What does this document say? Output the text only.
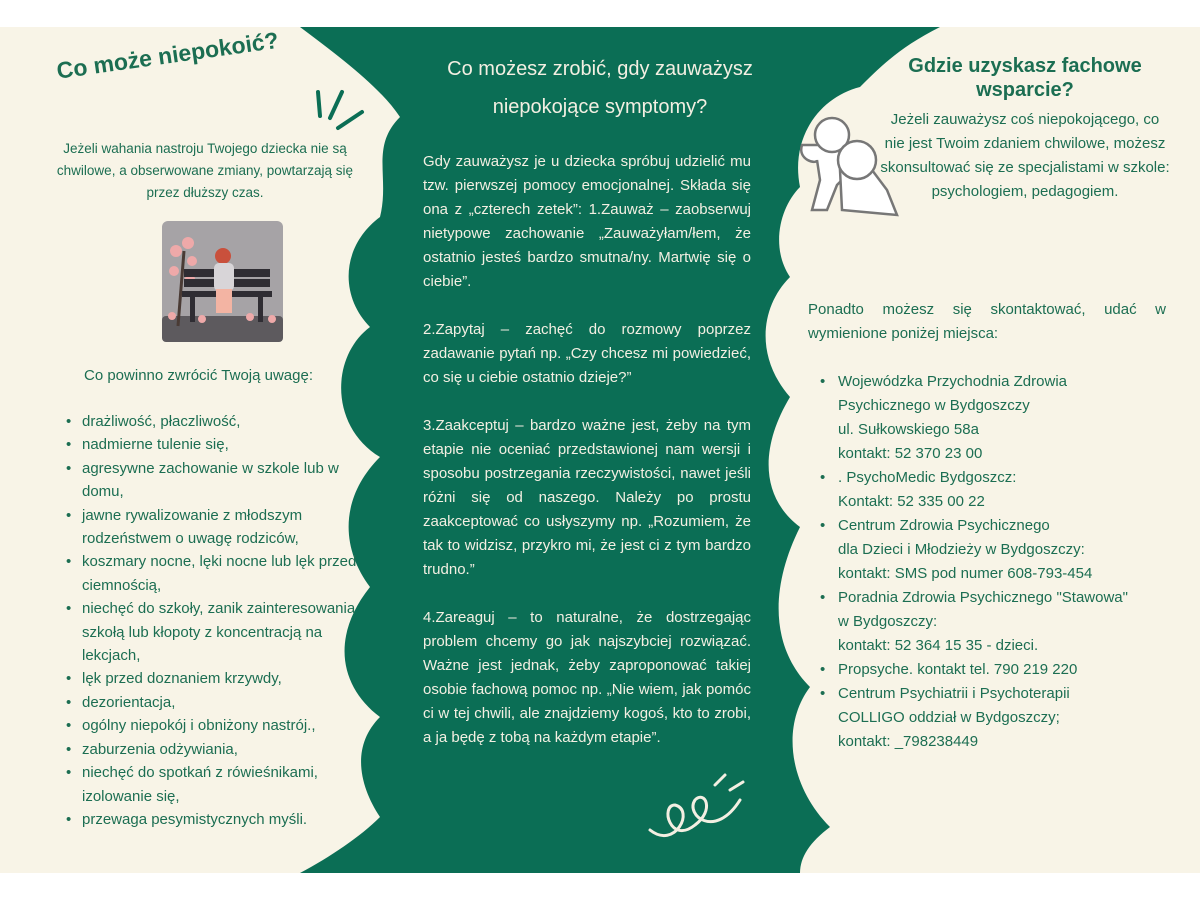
Co może niepokoić?
Jeżeli wahania nastroju Twojego dziecka nie są chwilowe, a obserwowane zmiany, powtarzają się przez dłuższy czas.
Co powinno zwrócić Twoją uwagę:
• drażliwość, płaczliwość,
• nadmierne tulenie się,
• agresywne zachowanie w szkole lub w domu,
• jawne rywalizowanie z młodszym rodzeństwem o uwagę rodziców,
• koszmary nocne, lęki nocne lub lęk przed ciemnością,
• niechęć do szkoły, zanik zainteresowania szkołą lub kłopoty z koncentracją na lekcjach,
• lęk przed doznaniem krzywdy,
• dezorientacja,
• ogólny niepokój i obniżony nastrój.,
• zaburzenia odżywiania,
• niechęć do spotkań z rówieśnikami, izolowanie się,
• przewaga pesymistycznych myśli.
Co możesz zrobić, gdy zauważysz niepokojące symptomy?

Gdy zauważysz je u dziecka spróbuj udzielić mu tzw. pierwszej pomocy emocjonalnej. Składa się ona z „czterech zetek”: 1.Zauważ – zaobserwuj nietypowe zachowanie „Zauważyłam/łem, że ostatnio jesteś bardzo smutna/ny. Martwię się o ciebie”.

2.Zapytaj – zachęć do rozmowy poprzez zadawanie pytań np. „Czy chcesz mi powiedzieć, co się u ciebie ostatnio dzieje?”

3.Zaakceptuj – bardzo ważne jest, żeby na tym etapie nie oceniać przedstawionej nam wersji i sposobu postrzegania rzeczywistości, nawet jeśli różni się od naszego. Należy po prostu zaakceptować co usłyszymy np. „Rozumiem, że tak to widzisz, przykro mi, że jest ci z tym bardzo trudno.”

4.Zareaguj – to naturalne, że dostrzegając problem chcemy go jak najszybciej rozwiązać. Ważne jest jednak, żeby zaproponować takiej osobie fachową pomoc np. „Nie wiem, jak pomóc ci w tej chwili, ale znajdziemy kogoś, kto to zrobi, a ja będę z tobą na każdym etapie”.

Gdzie uzyskasz fachowe wsparcie?
Jeżeli zauważysz coś niepokojącego, co nie jest Twoim zdaniem chwilowe, możesz skonsultować się ze specjalistami w szkole: psychologiem, pedagogiem.
Ponadto możesz się skontaktować, udać w wymienione poniżej miejsca:
• Wojewódzka Przychodnia Zdrowia
Psychicznego w Bydgoszczy
ul. Sułkowskiego 58a
kontakt: 52 370 23 00
• . PsychoMedic Bydgoszcz:
Kontakt: 52 335 00 22
• Centrum Zdrowia Psychicznego
dla Dzieci i Młodzieży w Bydgoszczy:
kontakt: SMS pod numer 608-793-454
• Poradnia Zdrowia Psychicznego "Stawowa"
w Bydgoszczy:
kontakt: 52 364 15 35 - dzieci.
• Propsyche. kontakt tel. 790 219 220
• Centrum Psychiatrii i Psychoterapii
COLLIGO oddział w Bydgoszczy;
kontakt: _798238449
